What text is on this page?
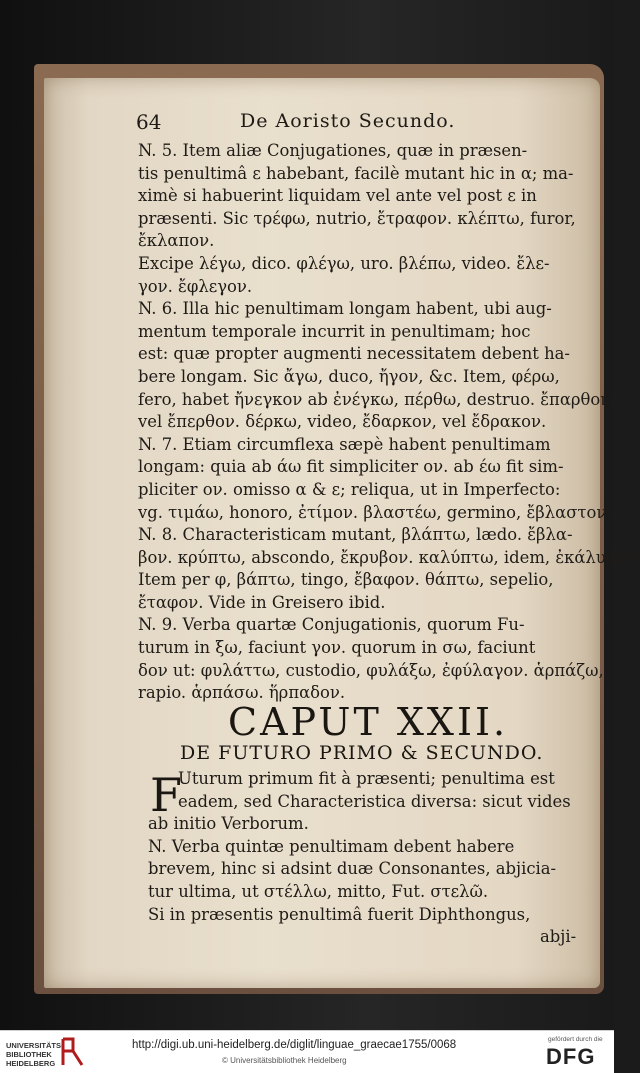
64	De Aoristo Secundo.
N. 5. Item aliæ Conjugationes, quæ in præsen-
tis penultimâ ε habebant, facilè mutant hic in α; ma-
ximè si habuerint liquidam vel ante vel post ε in
præsenti. Sic τρέφω, nutrio, ἔτραφον. κλέπτω, furor,
ἔκλαπον.
Excipe λέγω, dico. φλέγω, uro. βλέπω, video. ἔλε-
γον. ἔφλεγον.
N. 6. Illa hic penultimam longam habent, ubi aug-
mentum temporale incurrit in penultimam; hoc
est: quæ propter augmenti necessitatem debent ha-
bere longam. Sic ἄγω, duco, ἤγον, &c. Item, φέρω,
fero, habet ἤνεγκον ab ἐνέγκω, πέρθω, destruo. ἔπαρθον,
vel ἔπερθον. δέρκω, video, ἔδαρκον, vel ἔδρακον.
N. 7. Etiam circumflexa sæpè habent penultimam
longam: quia ab άω fit simpliciter ον. ab έω fit sim-
pliciter ον. omisso α & ε; reliqua, ut in Imperfecto:
vg. τιμάω, honoro, ἐτίμον. βλαστέω, germino, ἔβλαστον.
N. 8. Characteristicam mutant, βλάπτω, lædo. ἔβλα-
βον. κρύπτω, abscondo, ἔκρυβον. καλύπτω, idem, ἐκάλυβον.
Item per φ, βάπτω, tingo, ἔβαφον. θάπτω, sepelio,
ἔταφον. Vide in Greisero ibid.
N. 9. Verba quartæ Conjugationis, quorum Fu-
turum in ξω, faciunt γον. quorum in σω, faciunt
δον ut: φυλάττω, custodio, φυλάξω, ἐφύλαγον. ἁρπάζω,
rapio. ἁρπάσω. ἥρπαδον.
CAPUT XXII.
DE FUTURO PRIMO & SECUNDO.
F
Uturum primum fit à præsenti; penultima est
eadem, sed Characteristica diversa: sicut vides
ab initio Verborum.
N. Verba quintæ penultimam debent habere
brevem, hinc si adsint duæ Consonantes, abjicia-
tur ultima, ut στέλλω, mitto, Fut. στελῶ.
Si in præsentis penultimâ fuerit Diphthongus,
abji-
UNIVERSITÄTS-BIBLIOTHEK HEIDELBERG
http://digi.ub.uni-heidelberg.de/diglit/linguae_graecae1755/0068
© Universitätsbibliothek Heidelberg
gefördert durch die
DFG
